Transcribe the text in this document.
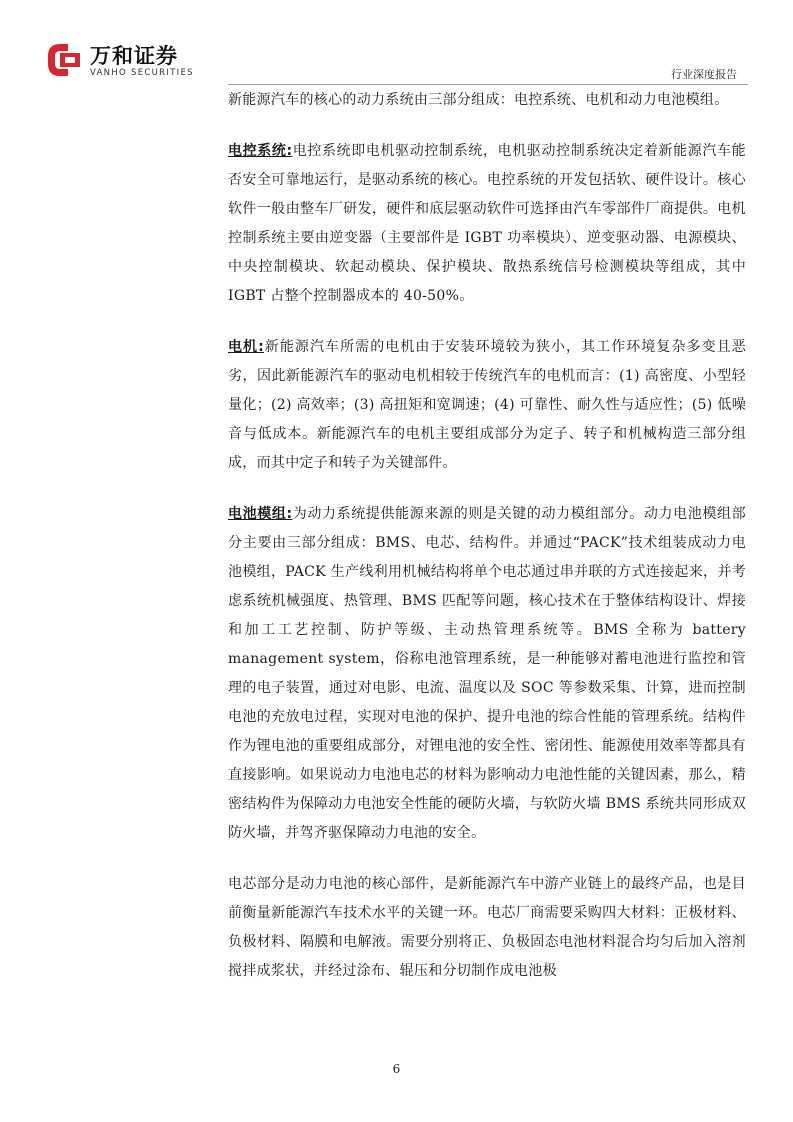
万和证券
VANHO SECURITIES	行业深度报告

新能源汽车的核心的动力系统由三部分组成：电控系统、电机和动力电池模组。

电控系统:电控系统即电机驱动控制系统，电机驱动控制系统决定着新能源汽车能否安全可靠地运行，是驱动系统的核心。电控系统的开发包括软、硬件设计。核心软件一般由整车厂研发，硬件和底层驱动软件可选择由汽车零部件厂商提供。电机控制系统主要由逆变器（主要部件是 IGBT 功率模块）、逆变驱动器、电源模块、中央控制模块、软起动模块、保护模块、散热系统信号检测模块等组成，其中 IGBT 占整个控制器成本的 40-50%。

电机:新能源汽车所需的电机由于安装环境较为狭小，其工作环境复杂多变且恶劣，因此新能源汽车的驱动电机相较于传统汽车的电机而言：(1) 高密度、小型轻量化；(2) 高效率；(3) 高扭矩和宽调速；(4) 可靠性、耐久性与适应性；(5) 低噪音与低成本。新能源汽车的电机主要组成部分为定子、转子和机械构造三部分组成，而其中定子和转子为关键部件。

电池模组:为动力系统提供能源来源的则是关键的动力模组部分。动力电池模组部分主要由三部分组成：BMS、电芯、结构件。并通过“PACK”技术组装成动力电池模组，PACK 生产线利用机械结构将单个电芯通过串并联的方式连接起来，并考虑系统机械强度、热管理、BMS 匹配等问题，核心技术在于整体结构设计、焊接和加工工艺控制、防护等级、主动热管理系统等。BMS 全称为 battery management system，俗称电池管理系统，是一种能够对蓄电池进行监控和管理的电子装置，通过对电影、电流、温度以及 SOC 等参数采集、计算，进而控制电池的充放电过程，实现对电池的保护、提升电池的综合性能的管理系统。结构件作为锂电池的重要组成部分，对锂电池的安全性、密闭性、能源使用效率等都具有直接影响。如果说动力电池电芯的材料为影响动力电池性能的关键因素，那么，精密结构件为保障动力电池安全性能的硬防火墙，与软防火墙 BMS 系统共同形成双防火墙，并驾齐驱保障动力电池的安全。

电芯部分是动力电池的核心部件，是新能源汽车中游产业链上的最终产品，也是目前衡量新能源汽车技术水平的关键一环。电芯厂商需要采购四大材料：正极材料、负极材料、隔膜和电解液。需要分别将正、负极固态电池材料混合均匀后加入溶剂搅拌成浆状，并经过涂布、辊压和分切制作成电池极

6
